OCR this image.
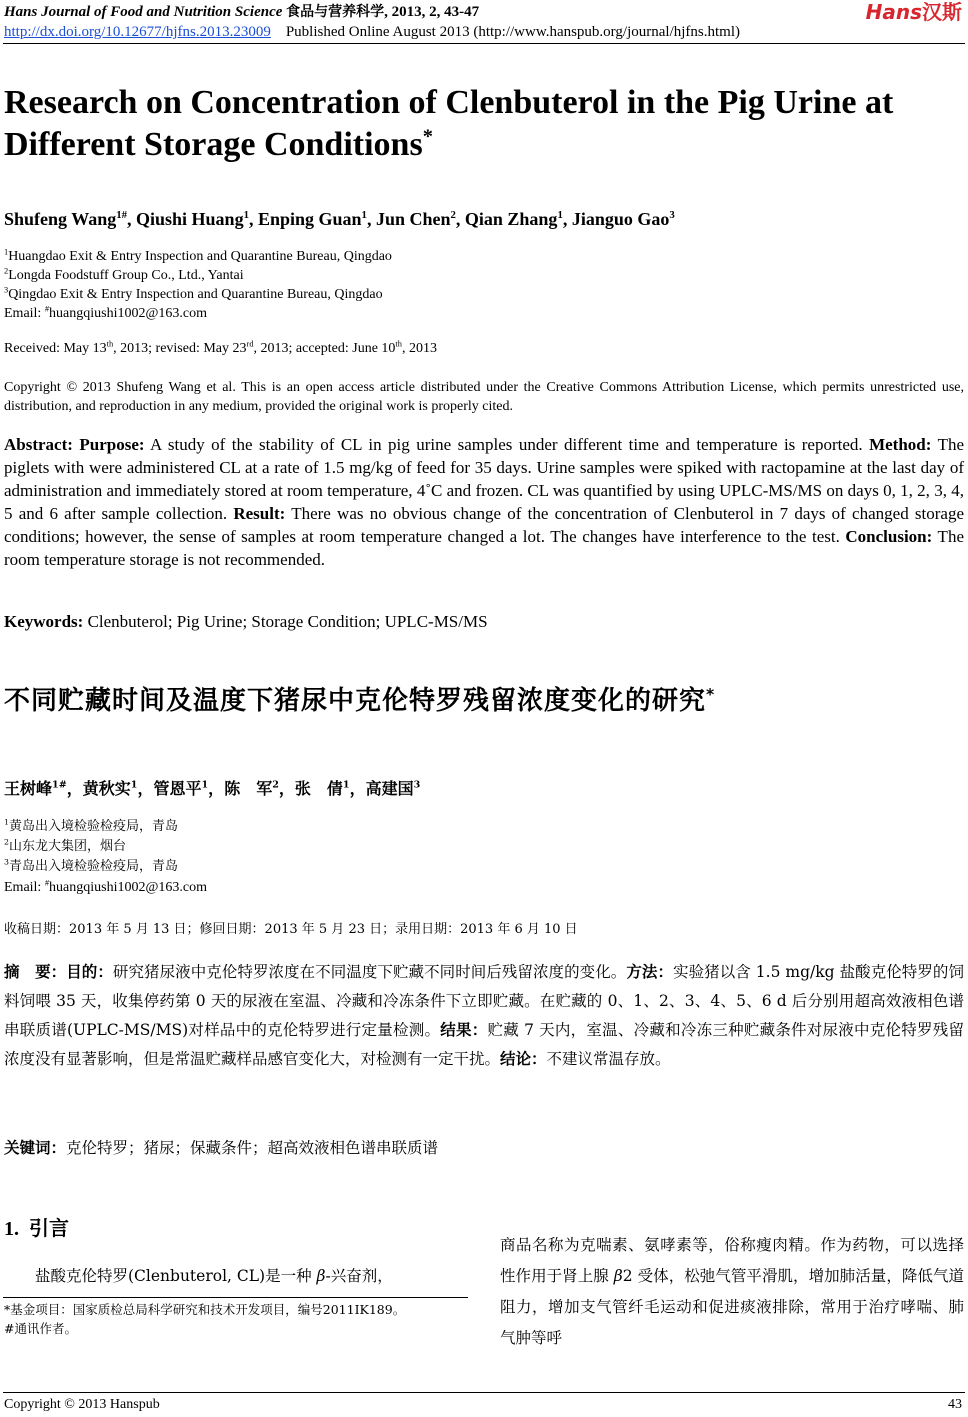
Hans Journal of Food and Nutrition Science 食品与营养科学, 2013, 2, 43-47
http://dx.doi.org/10.12677/hjfns.2013.23009 Published Online August 2013 (http://www.hanspub.org/journal/hjfns.html)
Hans汉斯
Research on Concentration of Clenbuterol in the Pig Urine at Different Storage Conditions*
Shufeng Wang$^{1\#}$, Qiushi Huang$^1$, Enping Guan$^1$, Jun Chen$^2$, Qian Zhang$^1$, Jianguo Gao$^3$
$^1$Huangdao Exit & Entry Inspection and Quarantine Bureau, Qingdao
$^2$Longda Foodstuff Group Co., Ltd., Yantai
$^3$Qingdao Exit & Entry Inspection and Quarantine Bureau, Qingdao
Email: #huangqiushi1002@163.com
Received: May 13th, 2013; revised: May 23rd, 2013; accepted: June 10th, 2013
Copyright © 2013 Shufeng Wang et al. This is an open access article distributed under the Creative Commons Attribution License, which permits unrestricted use, distribution, and reproduction in any medium, provided the original work is properly cited.
Abstract: Purpose: A study of the stability of CL in pig urine samples under different time and temperature is reported. Method: The piglets with were administered CL at a rate of 1.5 mg/kg of feed for 35 days. Urine samples were spiked with ractopamine at the last day of administration and immediately stored at room temperature, 4˚C and frozen. CL was quantified by using UPLC-MS/MS on days 0, 1, 2, 3, 4, 5 and 6 after sample collection. Result: There was no obvious change of the concentration of Clenbuterol in 7 days of changed storage conditions; however, the sense of samples at room temperature changed a lot. The changes have interference to the test. Conclusion: The room temperature storage is not recommended.
Keywords: Clenbuterol; Pig Urine; Storage Condition; UPLC-MS/MS
不同贮藏时间及温度下猪尿中克伦特罗残留浓度变化的研究*
王树峰$^{1\#}$，黄秋实$^1$，管恩平$^1$，陈　军$^2$，张　倩$^1$，高建国$^3$
$^1$黄岛出入境检验检疫局，青岛
$^2$山东龙大集团，烟台
$^3$青岛出入境检验检疫局，青岛
Email: #huangqiushi1002@163.com
收稿日期：2013 年 5 月 13 日；修回日期：2013 年 5 月 23 日；录用日期：2013 年 6 月 10 日
摘　要：目的：研究猪尿液中克伦特罗浓度在不同温度下贮藏不同时间后残留浓度的变化。方法：实验猪以含 1.5 mg/kg 盐酸克伦特罗的饲料饲喂 35 天，收集停药第 0 天的尿液在室温、冷藏和冷冻条件下立即贮藏。在贮藏的 0、1、2、3、4、5、6 d 后分别用超高效液相色谱串联质谱(UPLC-MS/MS)对样品中的克伦特罗进行定量检测。结果：贮藏 7 天内，室温、冷藏和冷冻三种贮藏条件对尿液中克伦特罗残留浓度没有显著影响，但是常温贮藏样品感官变化大，对检测有一定干扰。结论：不建议常温存放。
关键词：克伦特罗；猪尿；保藏条件；超高效液相色谱串联质谱
1. 引言
盐酸克伦特罗(Clenbuterol, CL)是一种 β-兴奋剂，
*基金项目：国家质检总局科学研究和技术开发项目，编号2011IK189。
#通讯作者。
商品名称为克喘素、氨哮素等，俗称瘦肉精。作为药物，可以选择性作用于肾上腺 β2 受体，松弛气管平滑肌，增加肺活量，降低气道阻力，增加支气管纤毛运动和促进痰液排除，常用于治疗哮喘、肺气肿等呼
Copyright © 2013 Hanspub	43
